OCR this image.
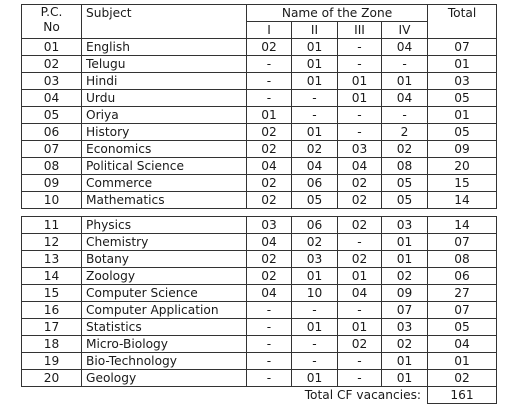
P.C.
No	Subject	Name of the Zone				Total
		I	II	III	IV	
01	English	02	01	-	04	07
02	Telugu	-	01	-	-	01
03	Hindi	-	01	01	01	03
04	Urdu	-	-	01	04	05
05	Oriya	01	-	-	-	01
06	History	02	01	-	2	05
07	Economics	02	02	03	02	09
08	Political Science	04	04	04	08	20
09	Commerce	02	06	02	05	15
10	Mathematics	02	05	02	05	14

11	Physics	03	06	02	03	14
12	Chemistry	04	02	-	01	07
13	Botany	02	03	02	01	08
14	Zoology	02	01	01	02	06
15	Computer Science	04	10	04	09	27
16	Computer Application	-	-	-	07	07
17	Statistics	-	01	01	03	05
18	Micro-Biology	-	-	02	02	04
19	Bio-Technology	-	-	-	01	01
20	Geology	-	01	-	01	02
Total CF vacancies:						161
